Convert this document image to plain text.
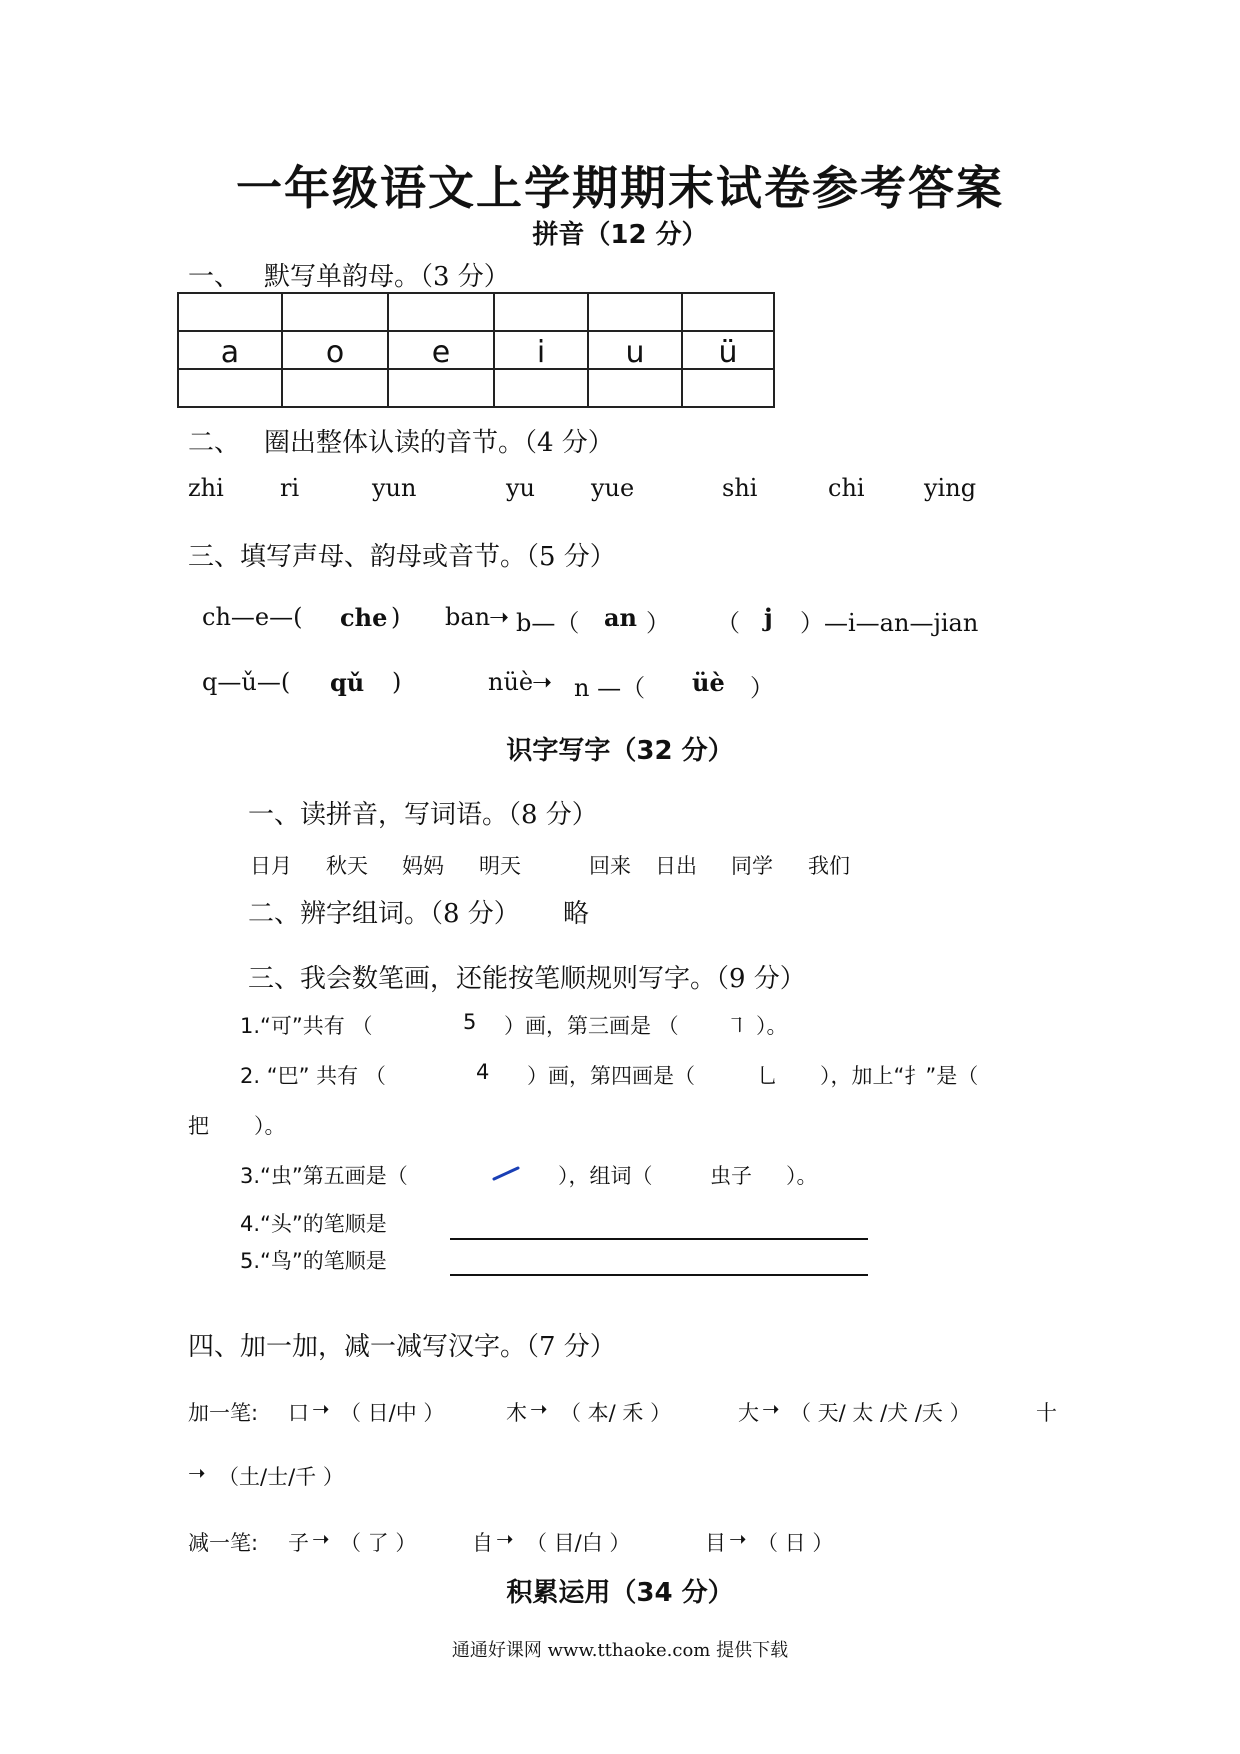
一年级语文上学期期末试卷参考答案
拼音（12 分）
一、 默写单韵母。（3 分）

a	o	e	i	u	ü

二、 圈出整体认读的音节。（4 分）
zhi ri	yun	yu yue	shi	chi ying
三、填写声母、韵母或音节。（5 分）
ch—e—( che ) ban
➝ b—（ an ） （ j ）—i—an—jian
q—ǔ—( qǔ )	nüè
➝ n —（ üè ）
识字写字（32 分）
一、读拼音，写词语。（8 分）
日月 秋天 妈妈 明天	回来 日出 同学 我们
二、辨字组词。（8 分） 略
三、我会数笔画，还能按笔顺规则写字。（9 分）
1.“可”共有 （	5 ）画，第三画是 （ ㇕ ）。
2. “巴” 共有 （	4 ）画，第四画是（	乚 ），加上“扌”是（
把 ）。
3.“虫”第五画是（	），组词（	虫子 ）。
4.“头”的笔顺是
5.“鸟”的笔顺是
四、加一加，减一减写汉字。（7 分）
加一笔: 口 ➝ （ 日/中 ）	木 ➝ （ 本/ 禾 ）	大 ➝ （ 天/ 太 /犬 /夭 ）	十
➝ （土/士/千 ）
减一笔: 子 ➝ （ 了 ）	自 ➝ （ 目/白 ）	目 ➝ （ 日 ）
积累运用（34 分）
通通好课网 www.tthaoke.com 提供下载
